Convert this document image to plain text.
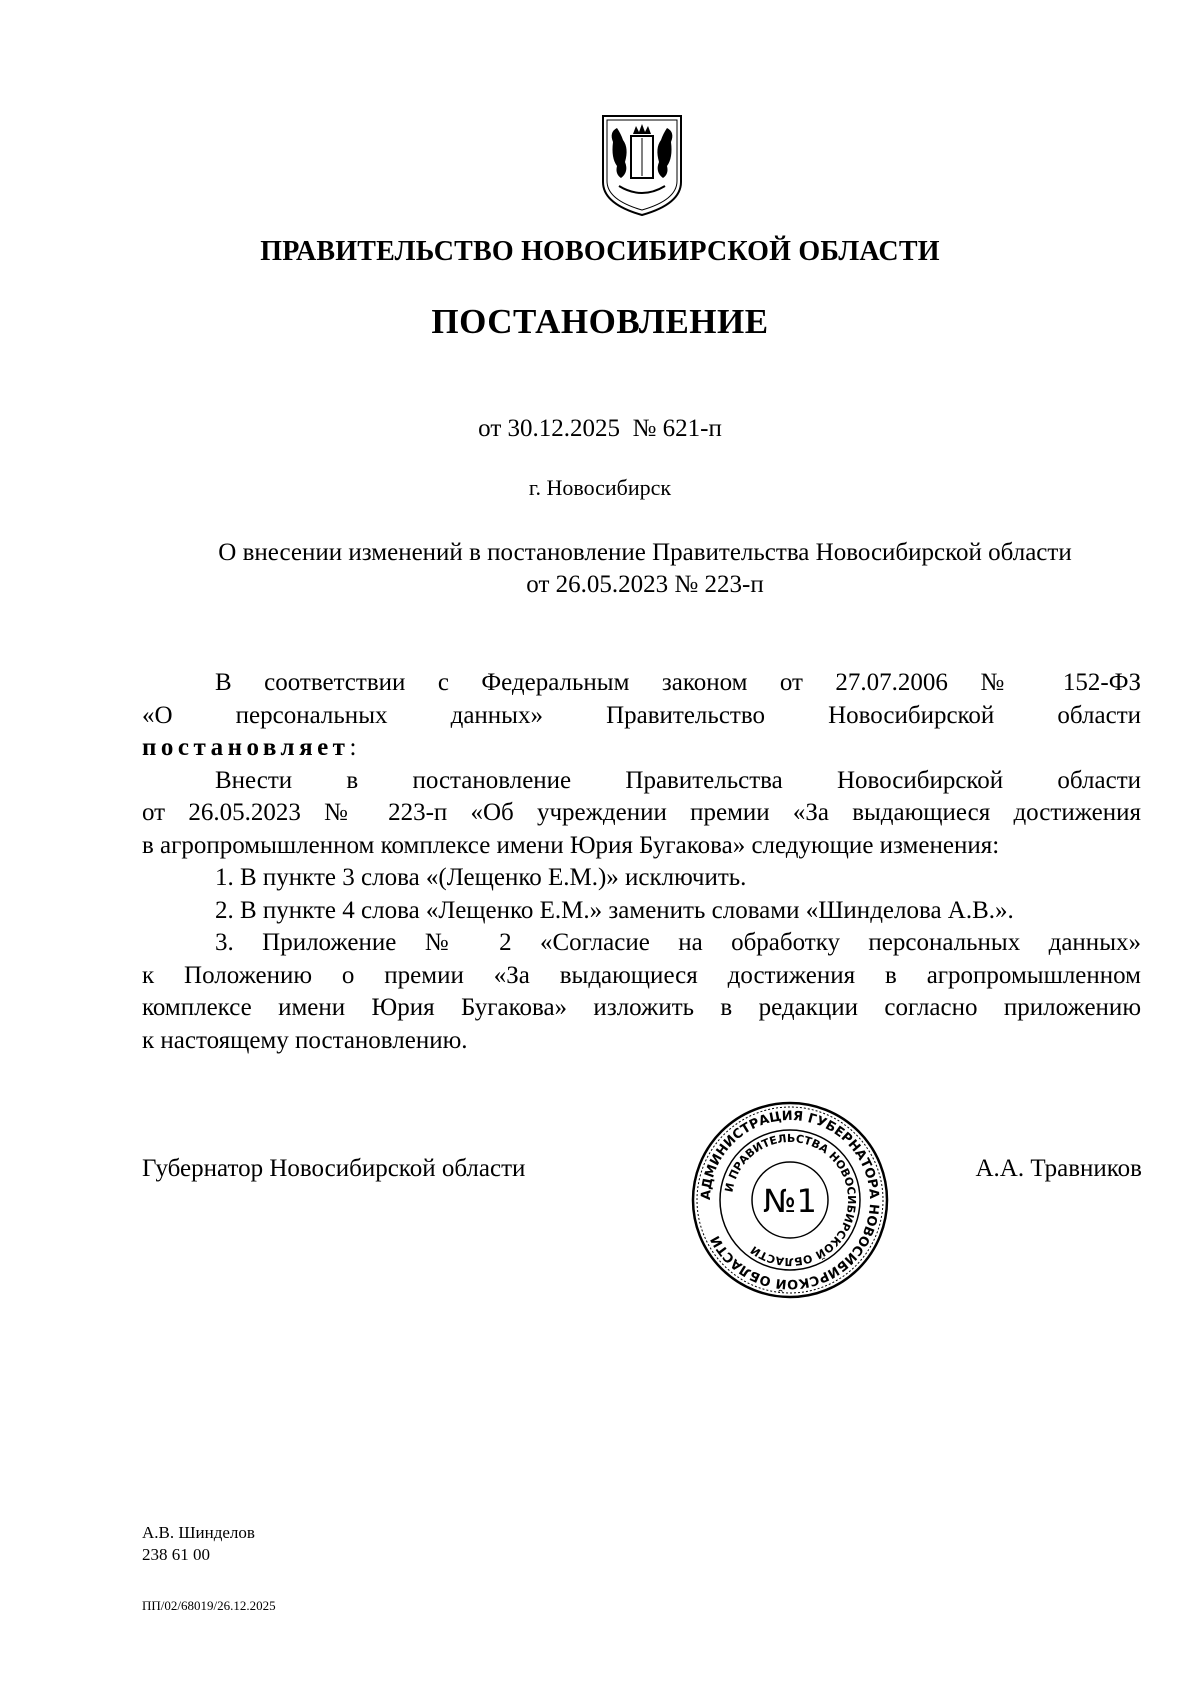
ПРАВИТЕЛЬСТВО НОВОСИБИРСКОЙ ОБЛАСТИ
ПОСТАНОВЛЕНИЕ
от 30.12.2025  № 621-п
г. Новосибирск
О внесении изменений в постановление Правительства Новосибирской области
от 26.05.2023 № 223-п
В соответствии с Федеральным законом от 27.07.2006 № 152-ФЗ
«О персональных данных» Правительство Новосибирской области
постановляет:
Внести в постановление Правительства Новосибирской области
от 26.05.2023 № 223-п «Об учреждении премии «За выдающиеся достижения
в агропромышленном комплексе имени Юрия Бугакова» следующие изменения:
1. В пункте 3 слова «(Лещенко Е.М.)» исключить.
2. В пункте 4 слова «Лещенко Е.М.» заменить словами «Шинделова А.В.».
3. Приложение № 2 «Согласие на обработку персональных данных»
к Положению о премии «За выдающиеся достижения в агропромышленном
комплексе имени Юрия Бугакова» изложить в редакции согласно приложению
к настоящему постановлению.
Губернатор Новосибирской области	А.А. Травников
АДМИНИСТРАЦИЯ ГУБЕРНАТОРА НОВОСИБИРСКОЙ ОБЛАСТИ
И ПРАВИТЕЛЬСТВА НОВОСИБИРСКОЙ ОБЛАСТИ
№1
А.В. Шинделов
238 61 00
ПП/02/68019/26.12.2025
